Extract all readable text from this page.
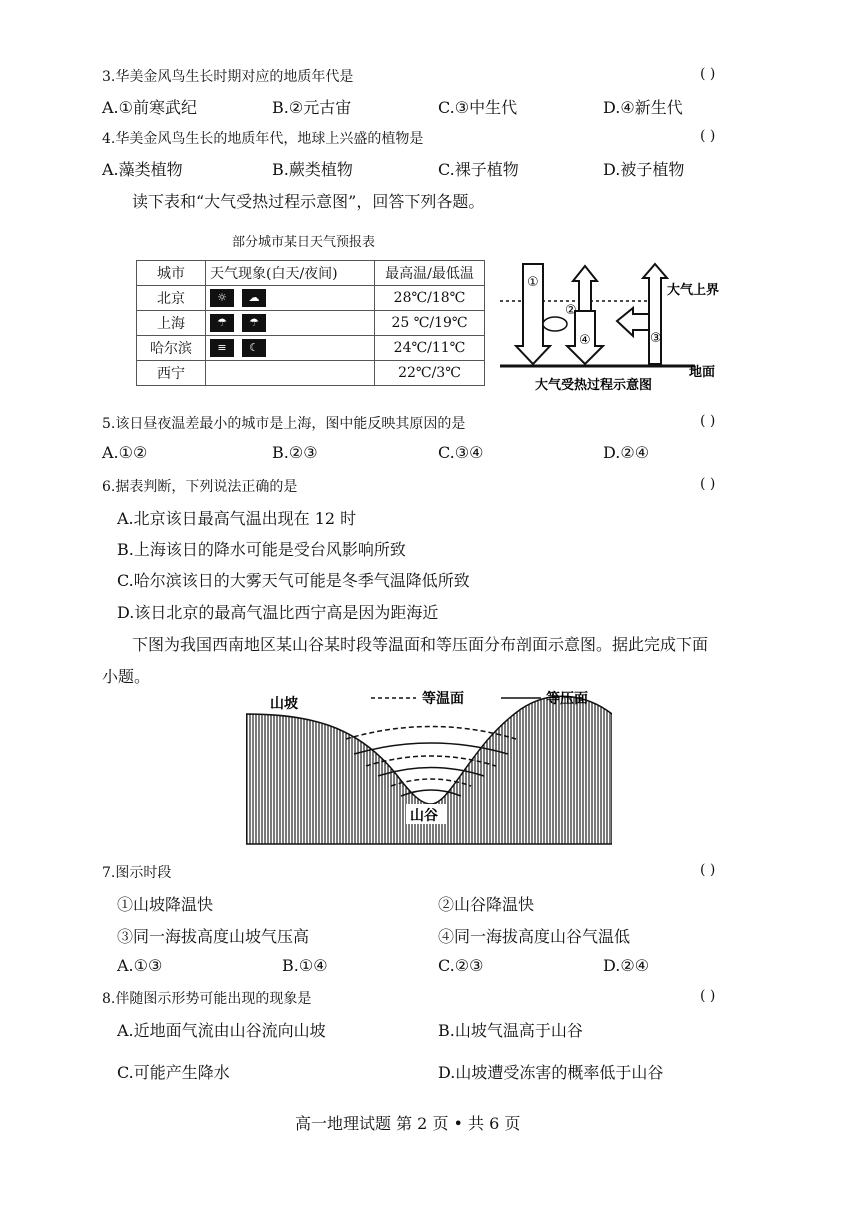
3.华美金风鸟生长时期对应的地质年代是	( )
A.①前寒武纪	B.②元古宙	C.③中生代	D.④新生代
4.华美金风鸟生长的地质年代，地球上兴盛的植物是	( )
A.藻类植物	B.蕨类植物	C.裸子植物	D.被子植物
读下表和“大气受热过程示意图”，回答下列各题。
部分城市某日天气预报表
城市	天气现象(白天/夜间)	最高温/最低温
北京	☼ ☁	28℃/18℃
上海	☂ ☂	25 ℃/19℃
哈尔滨	≡ ☾	24℃/11℃
西宁		22℃/3℃
①
②
③
④
大气上界
地面
大气受热过程示意图
5.该日昼夜温差最小的城市是上海，图中能反映其原因的是	( )
A.①②	B.②③	C.③④	D.②④
6.据表判断，下列说法正确的是	( )
A.北京该日最高气温出现在 12 时
B.上海该日的降水可能是受台风影响所致
C.哈尔滨该日的大雾天气可能是冬季气温降低所致
D.该日北京的最高气温比西宁高是因为距海近
下图为我国西南地区某山谷某时段等温面和等压面分布剖面示意图。据此完成下面
小题。
等温面	等压面
山坡
山谷
7.图示时段	( )
①山坡降温快	②山谷降温快
③同一海拔高度山坡气压高	④同一海拔高度山谷气温低
A.①③	B.①④	C.②③	D.②④
8.伴随图示形势可能出现的现象是	( )
A.近地面气流由山谷流向山坡	B.山坡气温高于山谷
C.可能产生降水	D.山坡遭受冻害的概率低于山谷
高一地理试题 第 2 页 • 共 6 页
